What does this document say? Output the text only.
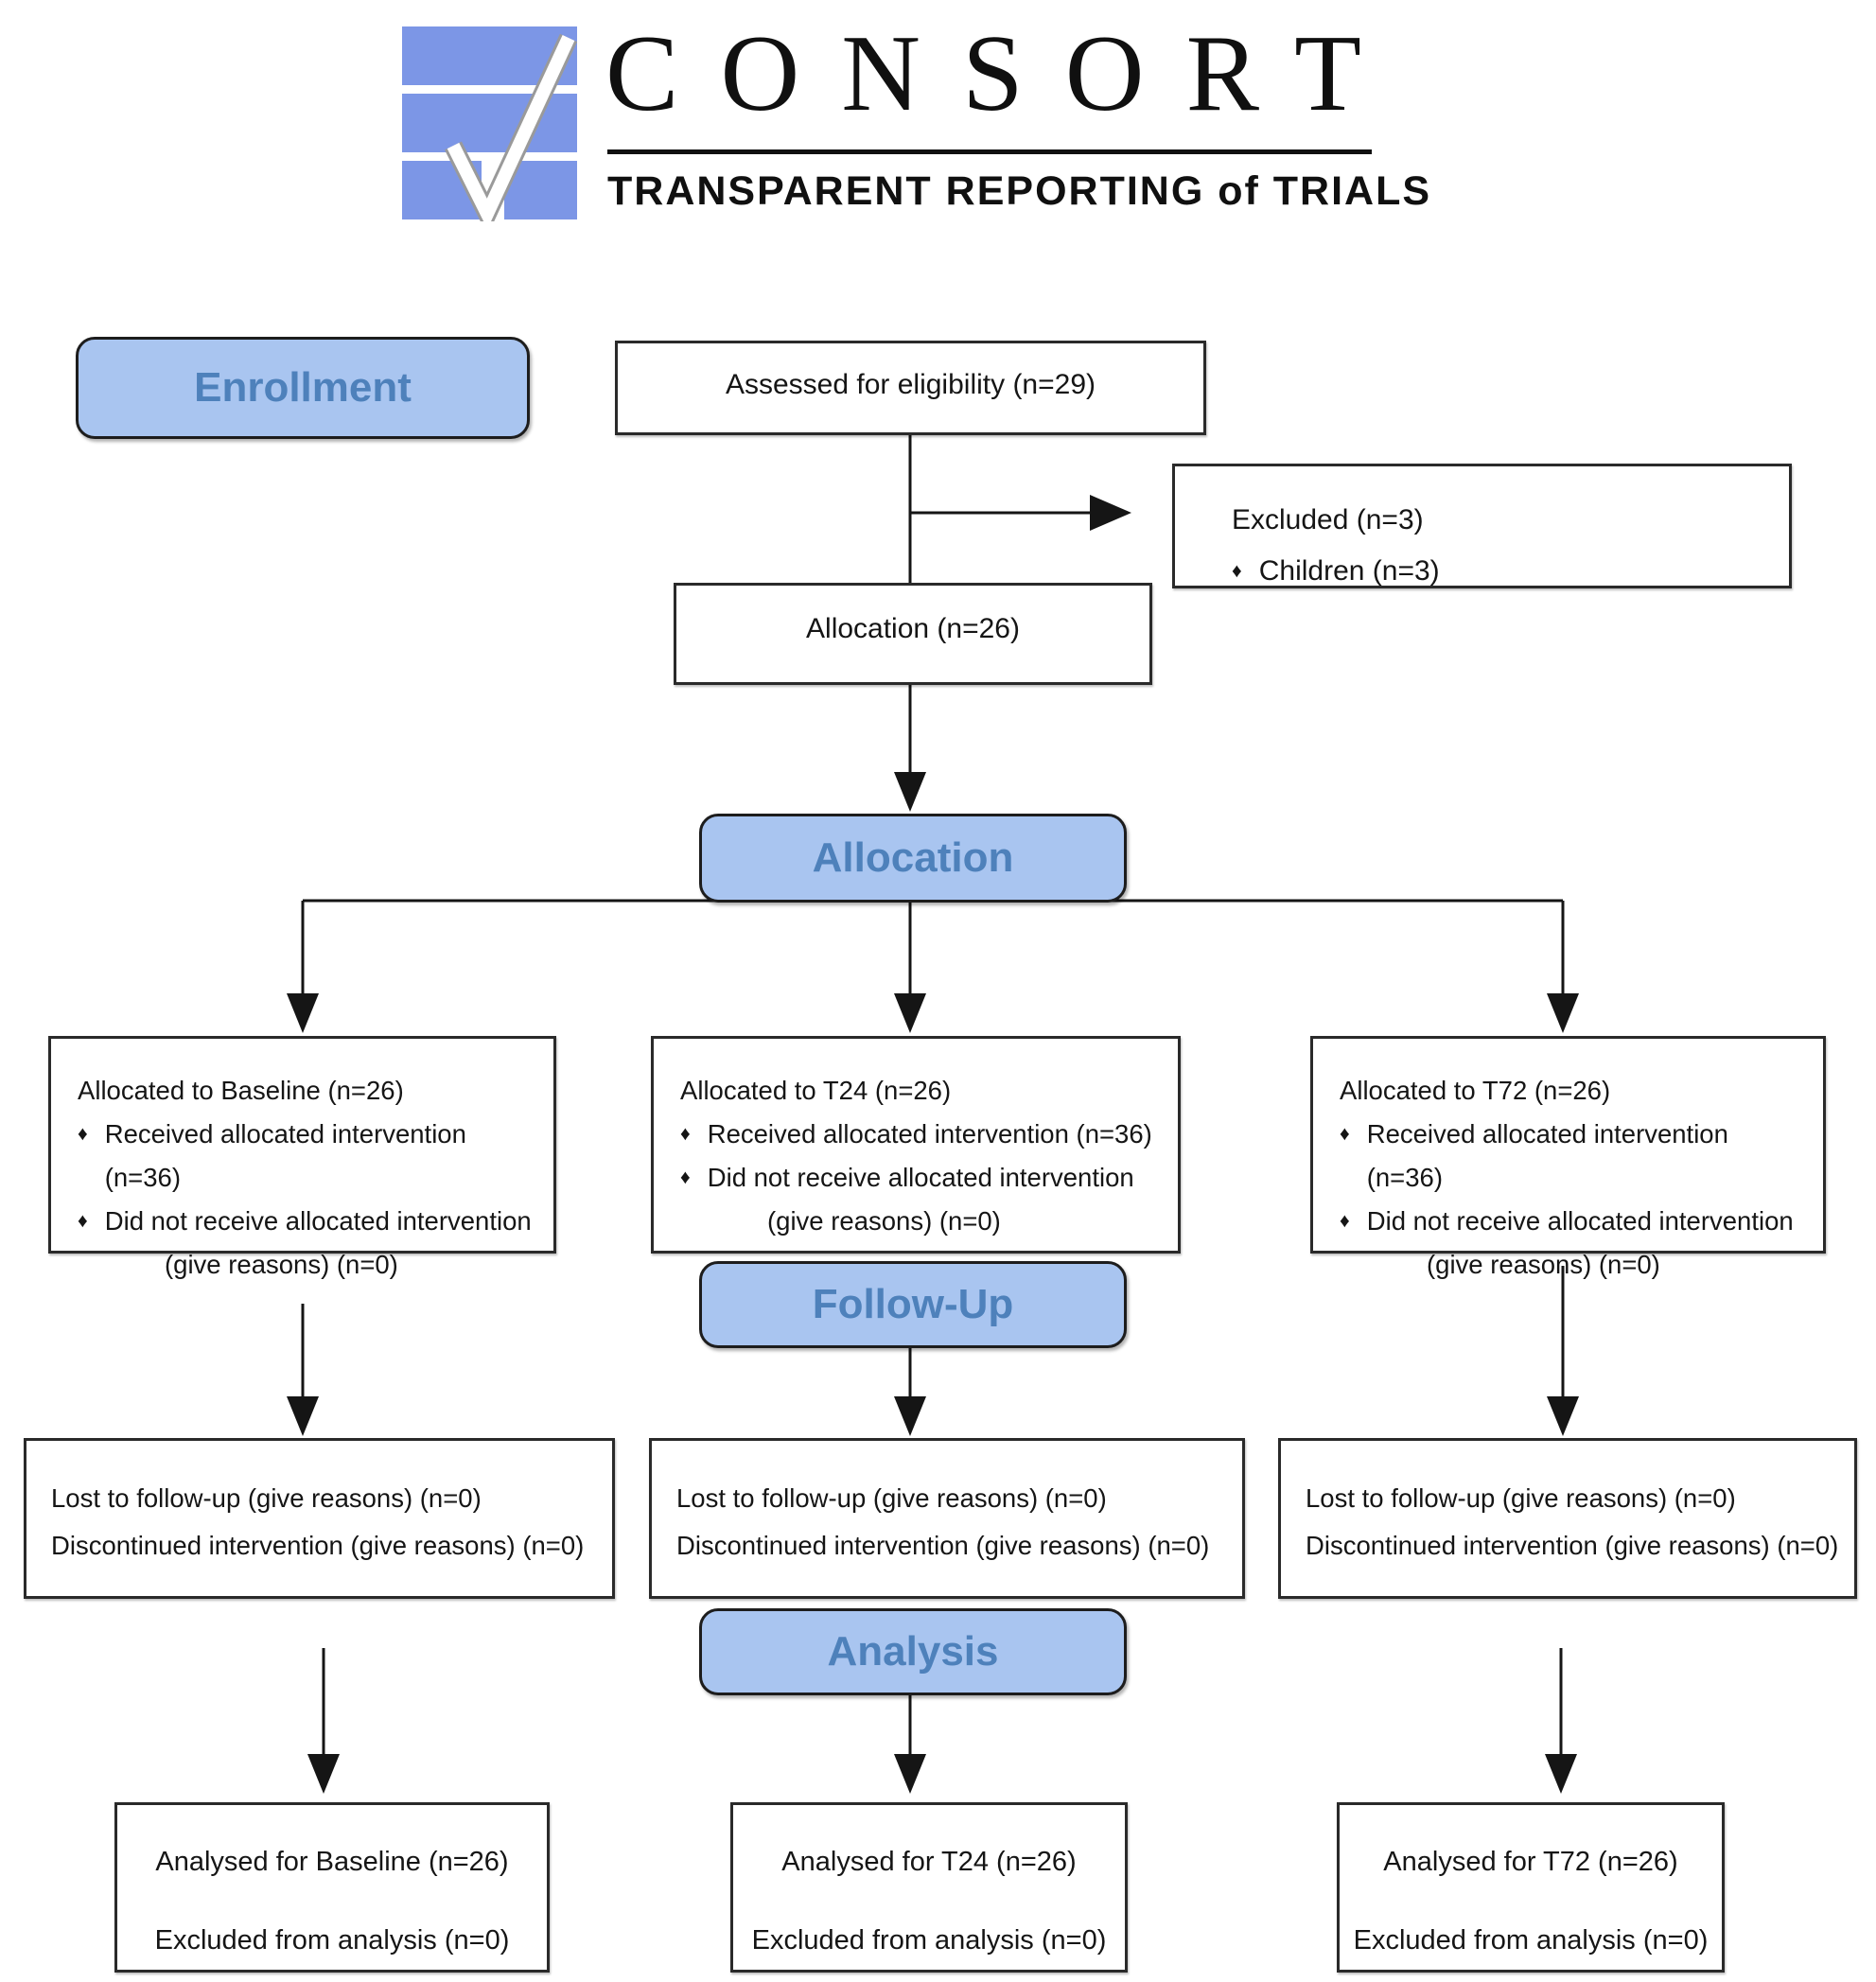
CONSORT
TRANSPARENT REPORTING of TRIALS
Enrollment
Allocation
Follow-Up
Analysis
Assessed for eligibility (n=29)
Excluded (n=3)
♦ Children (n=3)
Allocation (n=26)
Allocated to Baseline (n=26)
♦ Received allocated intervention (n=36)
♦ Did not receive allocated intervention
(give reasons) (n=0)
Allocated to T24 (n=26)
♦ Received allocated intervention (n=36)
♦ Did not receive allocated intervention
(give reasons) (n=0)
Allocated to T72 (n=26)
♦ Received allocated intervention (n=36)
♦ Did not receive allocated intervention
(give reasons) (n=0)
Lost to follow-up (give reasons) (n=0)
Discontinued intervention (give reasons) (n=0)
Lost to follow-up (give reasons) (n=0)
Discontinued intervention (give reasons) (n=0)
Lost to follow-up (give reasons) (n=0)
Discontinued intervention (give reasons) (n=0)
Analysed for Baseline (n=26)
Excluded from analysis (n=0)
Analysed for T24 (n=26)
Excluded from analysis (n=0)
Analysed for T72 (n=26)
Excluded from analysis (n=0)
